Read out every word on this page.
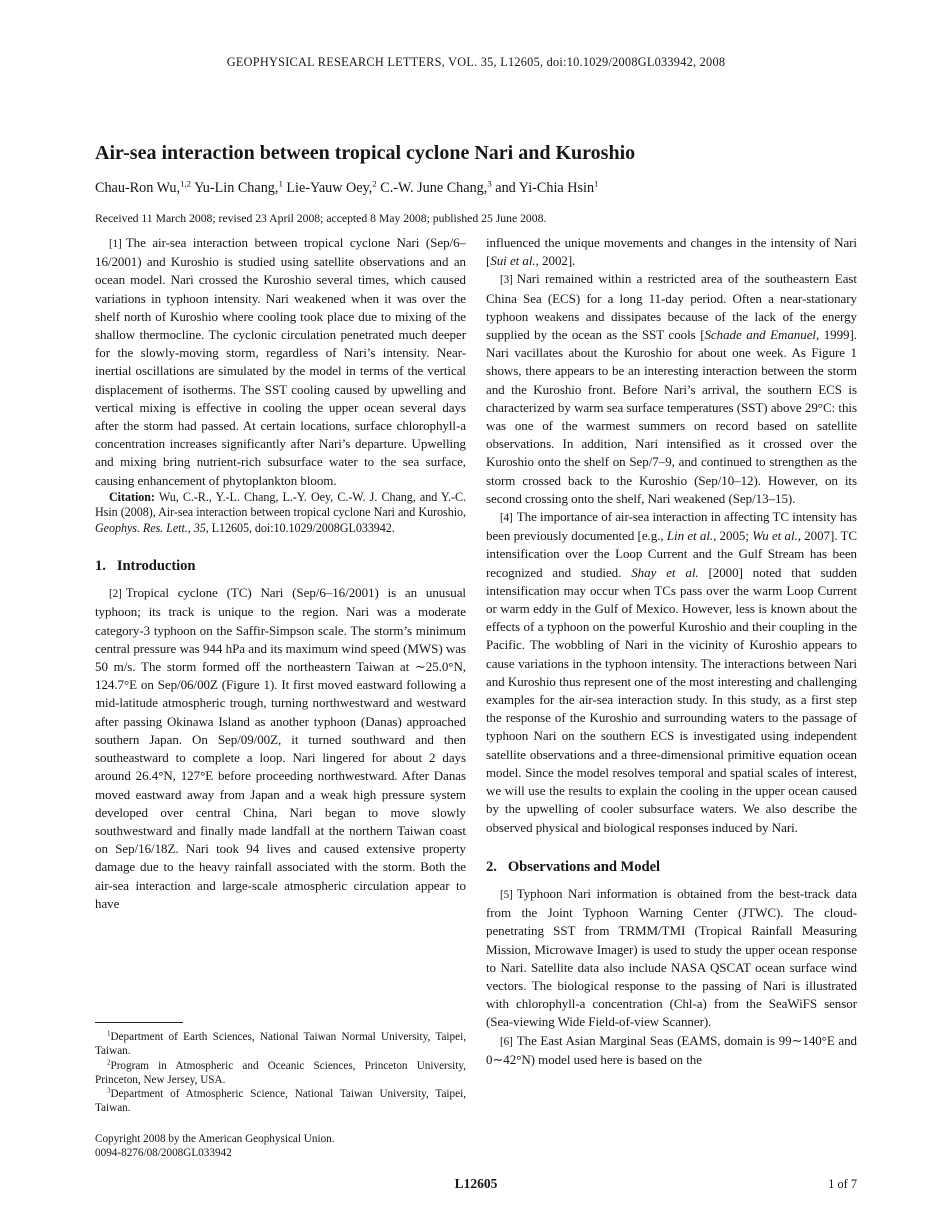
GEOPHYSICAL RESEARCH LETTERS, VOL. 35, L12605, doi:10.1029/2008GL033942, 2008
Air-sea interaction between tropical cyclone Nari and Kuroshio
Chau-Ron Wu,$^{1,2}$ Yu-Lin Chang,$^1$ Lie-Yauw Oey,$^2$ C.-W. June Chang,$^3$ and Yi-Chia Hsin$^1$
Received 11 March 2008; revised 23 April 2008; accepted 8 May 2008; published 25 June 2008.

[1] The air-sea interaction between tropical cyclone Nari (Sep/6–16/2001) and Kuroshio is studied using satellite observations and an ocean model. Nari crossed the Kuroshio several times, which caused variations in typhoon intensity. Nari weakened when it was over the shelf north of Kuroshio where cooling took place due to mixing of the shallow thermocline. The cyclonic circulation penetrated much deeper for the slowly-moving storm, regardless of Nari’s intensity. Near-inertial oscillations are simulated by the model in terms of the vertical displacement of isotherms. The SST cooling caused by upwelling and vertical mixing is effective in cooling the upper ocean several days after the storm had passed. At certain locations, surface chlorophyll-a concentration increases significantly after Nari’s departure. Upwelling and mixing bring nutrient-rich subsurface water to the sea surface, causing enhancement of phytoplankton bloom.

Citation: Wu, C.-R., Y.-L. Chang, L.-Y. Oey, C.-W. J. Chang, and Y.-C. Hsin (2008), Air-sea interaction between tropical cyclone Nari and Kuroshio, Geophys. Res. Lett., 35, L12605, doi:10.1029/2008GL033942.

1. Introduction

[2] Tropical cyclone (TC) Nari (Sep/6–16/2001) is an unusual typhoon; its track is unique to the region. Nari was a moderate category-3 typhoon on the Saffir-Simpson scale. The storm’s minimum central pressure was 944 hPa and its maximum wind speed (MWS) was 50 m/s. The storm formed off the northeastern Taiwan at ∼25.0°N, 124.7°E on Sep/06/00Z (Figure 1). It first moved eastward following a mid-latitude atmospheric trough, turning northwestward and westward after passing Okinawa Island as another typhoon (Danas) approached southern Japan. On Sep/09/00Z, it turned southward and then southeastward to complete a loop. Nari lingered for about 2 days around 26.4°N, 127°E before proceeding northwestward. After Danas moved eastward away from Japan and a weak high pressure system developed over central China, Nari began to move slowly southwestward and finally made landfall at the northern Taiwan coast on Sep/16/18Z. Nari took 94 lives and caused extensive property damage due to the heavy rainfall associated with the storm. Both the air-sea interaction and large-scale atmospheric circulation appear to have

influenced the unique movements and changes in the intensity of Nari [Sui et al., 2002].

[3] Nari remained within a restricted area of the southeastern East China Sea (ECS) for a long 11-day period. Often a near-stationary typhoon weakens and dissipates because of the lack of the energy supplied by the ocean as the SST cools [Schade and Emanuel, 1999]. Nari vacillates about the Kuroshio for about one week. As Figure 1 shows, there appears to be an interesting interaction between the storm and the Kuroshio front. Before Nari’s arrival, the southern ECS is characterized by warm sea surface temperatures (SST) above 29°C: this was one of the warmest summers on record based on satellite observations. In addition, Nari intensified as it crossed over the Kuroshio onto the shelf on Sep/7–9, and continued to strengthen as the storm crossed back to the Kuroshio (Sep/10–12). However, on its second crossing onto the shelf, Nari weakened (Sep/13–15).

[4] The importance of air-sea interaction in affecting TC intensity has been previously documented [e.g., Lin et al., 2005; Wu et al., 2007]. TC intensification over the Loop Current and the Gulf Stream has been recognized and studied. Shay et al. [2000] noted that sudden intensification may occur when TCs pass over the warm Loop Current or warm eddy in the Gulf of Mexico. However, less is known about the effects of a typhoon on the powerful Kuroshio and their coupling in the Pacific. The wobbling of Nari in the vicinity of Kuroshio appears to cause variations in the typhoon intensity. The interactions between Nari and Kuroshio thus represent one of the most interesting and challenging examples for the air-sea interaction study. In this study, as a first step the response of the Kuroshio and surrounding waters to the passage of typhoon Nari on the southern ECS is investigated using independent satellite observations and a three-dimensional primitive equation ocean model. Since the model resolves temporal and spatial scales of interest, we will use the results to explain the cooling in the upper ocean caused by the upwelling of cooler subsurface waters. We also describe the observed physical and biological responses induced by Nari.

2. Observations and Model

[5] Typhoon Nari information is obtained from the best-track data from the Joint Typhoon Warning Center (JTWC). The cloud-penetrating SST from TRMM/TMI (Tropical Rainfall Measuring Mission, Microwave Imager) is used to study the upper ocean response to Nari. Satellite data also include NASA QSCAT ocean surface wind vectors. The biological response to the passing of Nari is illustrated with chlorophyll-a concentration (Chl-a) from the SeaWiFS sensor (Sea-viewing Wide Field-of-view Scanner).

[6] The East Asian Marginal Seas (EAMS, domain is 99∼140°E and 0∼42°N) model used here is based on the

$^1$Department of Earth Sciences, National Taiwan Normal University, Taipei, Taiwan.

$^2$Program in Atmospheric and Oceanic Sciences, Princeton University, Princeton, New Jersey, USA.

$^3$Department of Atmospheric Science, National Taiwan University, Taipei, Taiwan.

Copyright 2008 by the American Geophysical Union.

0094-8276/08/2008GL033942

L12605	1 of 7
